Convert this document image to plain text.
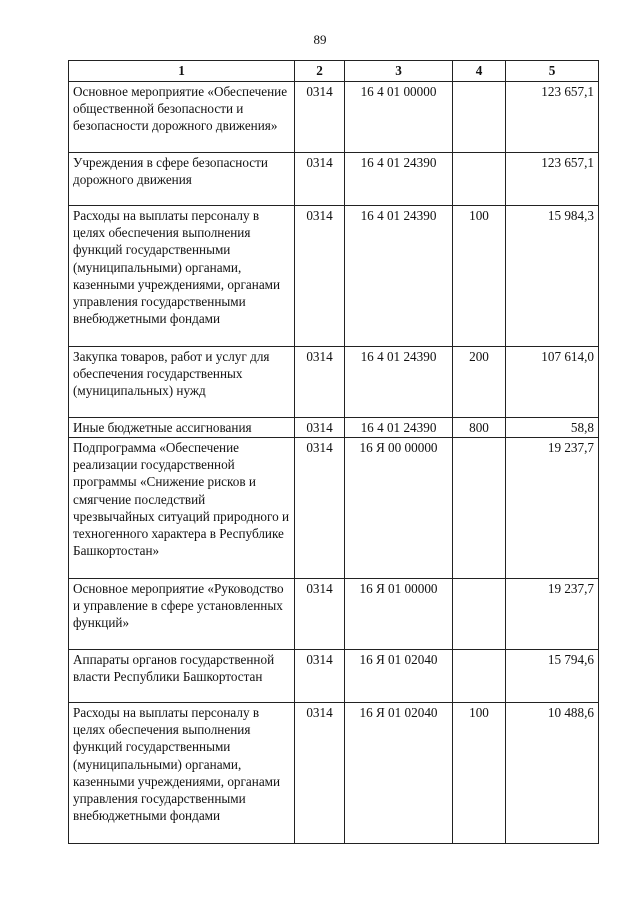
89
1	2	3	4	5
Основное мероприятие «Обеспечение общественной безопасности и безопасности дорожного движения»	0314	16 4 01 00000		123 657,1
Учреждения в сфере безопасности дорожного движения	0314	16 4 01 24390		123 657,1
Расходы на выплаты персоналу в целях обеспечения выполнения функций государственными (муниципальными) органами, казенными учреждениями, органами управления государственными внебюджетными фондами	0314	16 4 01 24390	100	15 984,3
Закупка товаров, работ и услуг для обеспечения государственных (муниципальных) нужд	0314	16 4 01 24390	200	107 614,0
Иные бюджетные ассигнования	0314	16 4 01 24390	800	58,8
Подпрограмма «Обеспечение реализации государственной программы «Снижение рисков и смягчение последствий чрезвычайных ситуаций природного и техногенного характера в Республике Башкортостан»	0314	16 Я 00 00000		19 237,7
Основное мероприятие «Руководство и управление в сфере установленных функций»	0314	16 Я 01 00000		19 237,7
Аппараты органов государственной власти Республики Башкортостан	0314	16 Я 01 02040		15 794,6
Расходы на выплаты персоналу в целях обеспечения выполнения функций государственными (муниципальными) органами, казенными учреждениями, органами управления государственными внебюджетными фондами	0314	16 Я 01 02040	100	10 488,6
